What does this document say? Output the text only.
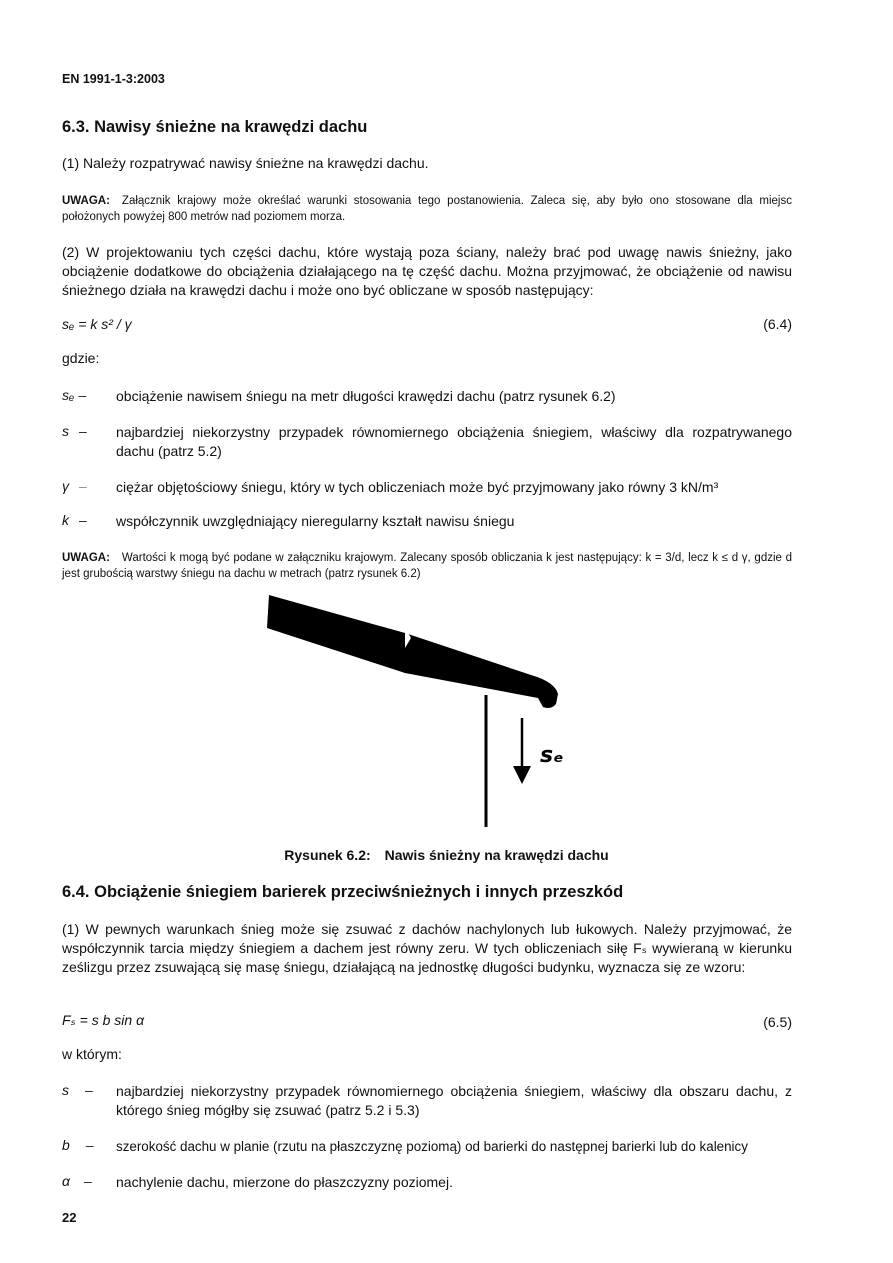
EN 1991-1-3:2003
6.3. Nawisy śnieżne na krawędzi dachu
(1) Należy rozpatrywać nawisy śnieżne na krawędzi dachu.
UWAGA: Załącznik krajowy może określać warunki stosowania tego postanowienia. Zaleca się, aby było ono stosowane dla miejsc położonych powyżej 800 metrów nad poziomem morza.
(2) W projektowaniu tych części dachu, które wystają poza ściany, należy brać pod uwagę nawis śnieżny, jako obciążenie dodatkowe do obciążenia działającego na tę część dachu. Można przyjmować, że obciążenie od nawisu śnieżnego działa na krawędzi dachu i może ono być obliczane w sposób następujący:
sₑ = k s² / γ	(6.4)
gdzie:
sₑ – obciążenie nawisem śniegu na metr długości krawędzi dachu (patrz rysunek 6.2)
s – najbardziej niekorzystny przypadek równomiernego obciążenia śniegiem, właściwy dla rozpatrywanego dachu (patrz 5.2)
γ – ciężar objętościowy śniegu, który w tych obliczeniach może być przyjmowany jako równy 3 kN/m³
k – współczynnik uwzględniający nieregularny kształt nawisu śniegu
UWAGA: Wartości k mogą być podane w załączniku krajowym. Zalecany sposób obliczania k jest następujący: k = 3/d, lecz k ≤ d γ, gdzie d jest grubością warstwy śniegu na dachu w metrach (patrz rysunek 6.2)
sₑ
Rysunek 6.2: Nawis śnieżny na krawędzi dachu
6.4. Obciążenie śniegiem barierek przeciwśnieżnych i innych przeszkód
(1) W pewnych warunkach śnieg może się zsuwać z dachów nachylonych lub łukowych. Należy przyjmować, że współczynnik tarcia między śniegiem a dachem jest równy zeru. W tych obliczeniach siłę Fₛ wywieraną w kierunku ześlizgu przez zsuwającą się masę śniegu, działającą na jednostkę długości budynku, wyznacza się ze wzoru:
Fₛ = s b sin α	(6.5)
w którym:
s – najbardziej niekorzystny przypadek równomiernego obciążenia śniegiem, właściwy dla obszaru dachu, z którego śnieg mógłby się zsuwać (patrz 5.2 i 5.3)
b – szerokość dachu w planie (rzutu na płaszczyznę poziomą) od barierki do następnej barierki lub do kalenicy
α – nachylenie dachu, mierzone do płaszczyzny poziomej.
22
